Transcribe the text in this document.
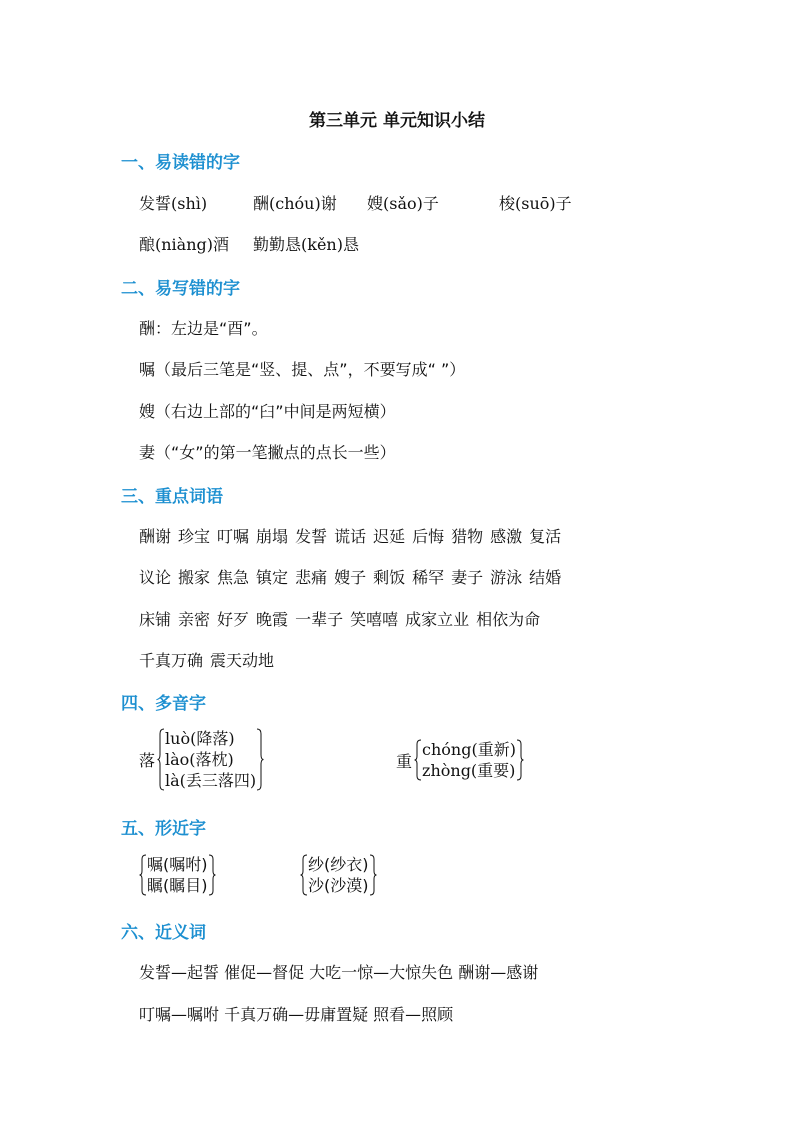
第三单元 单元知识小结
一、易读错的字
发誓(shì)	酬(chóu)谢 嫂(sǎo)子	梭(suō)子
酿(niàng)酒 勤勤恳(kěn)恳
二、易写错的字
酬：左边是“酉”。
嘱（最后三笔是“竖、提、点”，不要写成“ ”）
嫂（右边上部的“臼”中间是两短横）
妻（“女”的第一笔撇点的点长一些）
三、重点词语
酬谢 珍宝 叮嘱 崩塌 发誓 谎话 迟延 后悔 猎物 感激 复活
议论 搬家 焦急 镇定 悲痛 嫂子 剩饭 稀罕 妻子 游泳 结婚
床铺 亲密 好歹 晚霞 一辈子 笑嘻嘻 成家立业 相依为命
千真万确 震天动地
四、多音字
落
luò(降落)
lào(落枕)
là(丢三落四)
重
chóng(重新)
zhòng(重要)
五、形近字
嘱(嘱咐)
瞩(瞩目)
纱(纱衣)
沙(沙漠)
六、近义词
发誓—起誓 催促—督促 大吃一惊—大惊失色 酬谢—感谢
叮嘱—嘱咐 千真万确—毋庸置疑 照看—照顾
